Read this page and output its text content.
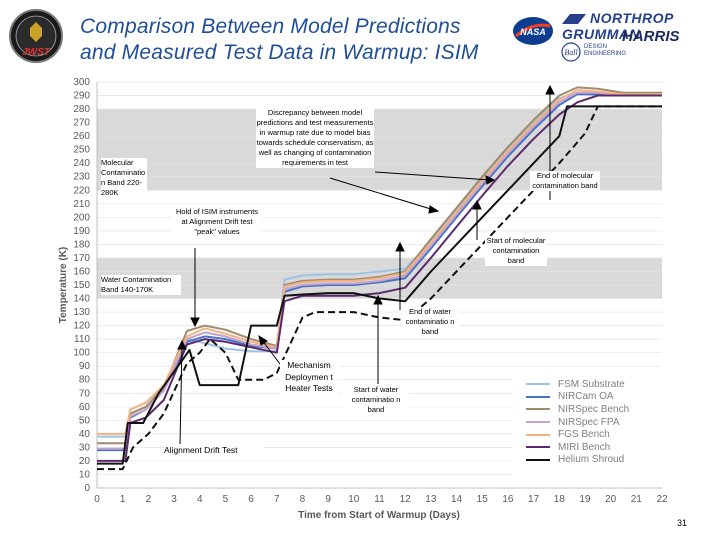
JWST
Comparison Between Model Predictions and Measured Test Data in Warmup: ISIM
NASA
NORTHROP GRUMMAN
HARRIS
Ball
DESIGN
ENGINEERING
0
10
20
30
40
50
60
70
80
90
100
110
120
130
140
150
160
170
180
190
200
210
220
230
240
250
260
270
280
290
300
0 1 2 3 4 5 6 7 8 9 10 11 12 13 14 15 16 17 18 19 20 21 22
Temperature (K)
Time from Start of Warmup (Days)
Discrepancy between model predictions and test measurements in warmup rate due to model bias towards schedule conservatism, as well as changing of contamination requirements in test
Molecular Contaminatio n Band 220-280K
Hold of ISIM instruments at Alignment Drift test "peak" values
End of molecular contamination band
Start of molecular contamination band
Water Contamination Band 140-170K
End of water contaminatio n band
Mechanism Deploymen t Heater Tests	Start of water contaminatio n band
Alignment Drift Test
FSM Substrate
NIRCam OA
NIRSpec Bench
NIRSpec FPA
FGS Bench
MIRI Bench
Helium Shroud
31
